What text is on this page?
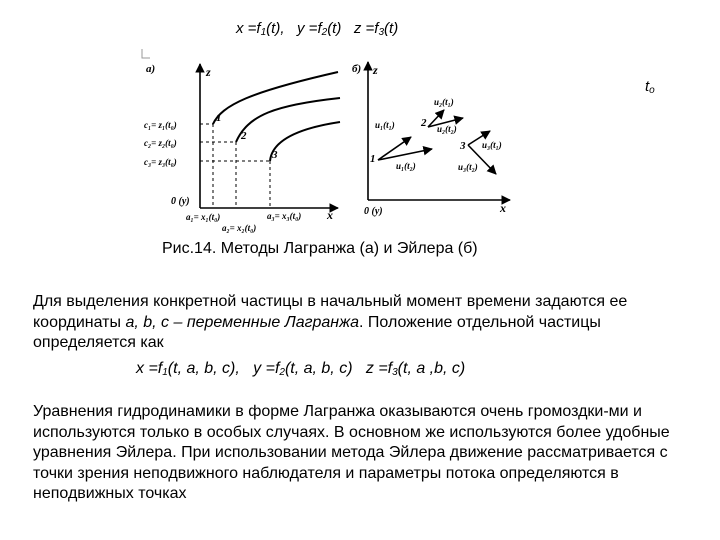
$x =f_1(t)$, $y =f_2(t)$ $z =f_3(t)$
$t_o$
а)	z
x
0 (y)
1
2
3
c₁= z₁(t₀)
c₂= z₂(t₀)
c₃= z₃(t₀)
a₁= x₁(t₀)	a₃= x₃(t₀)
a₂= x₂(t₀)
б) z
x
0 (y)
1
2
3
u₂(t₁)
u₂(t₂)
u₁(t₁)
u₁(t₂)
u₃(t₁)
u₃(t₂)
Рис.14. Методы Лагранжа (а) и Эйлера (б)
Для выделения конкретной частицы в начальный момент времени задаются ее координаты a, b, c – переменные Лагранжа. Положение отдельной частицы определяется как
$x =f_1(t$, a, b, c), $y =f_2(t$, a, b, c) $z =f_3(t$, a ,b, c)
Уравнения гидродинамики в форме Лагранжа оказываются очень громоздки-ми и используются только в особых случаях. В основном же используются более удобные уравнения Эйлера. При использовании метода Эйлера движение рассматривается с точки зрения неподвижного наблюдателя и параметры потока определяются в неподвижных точках
